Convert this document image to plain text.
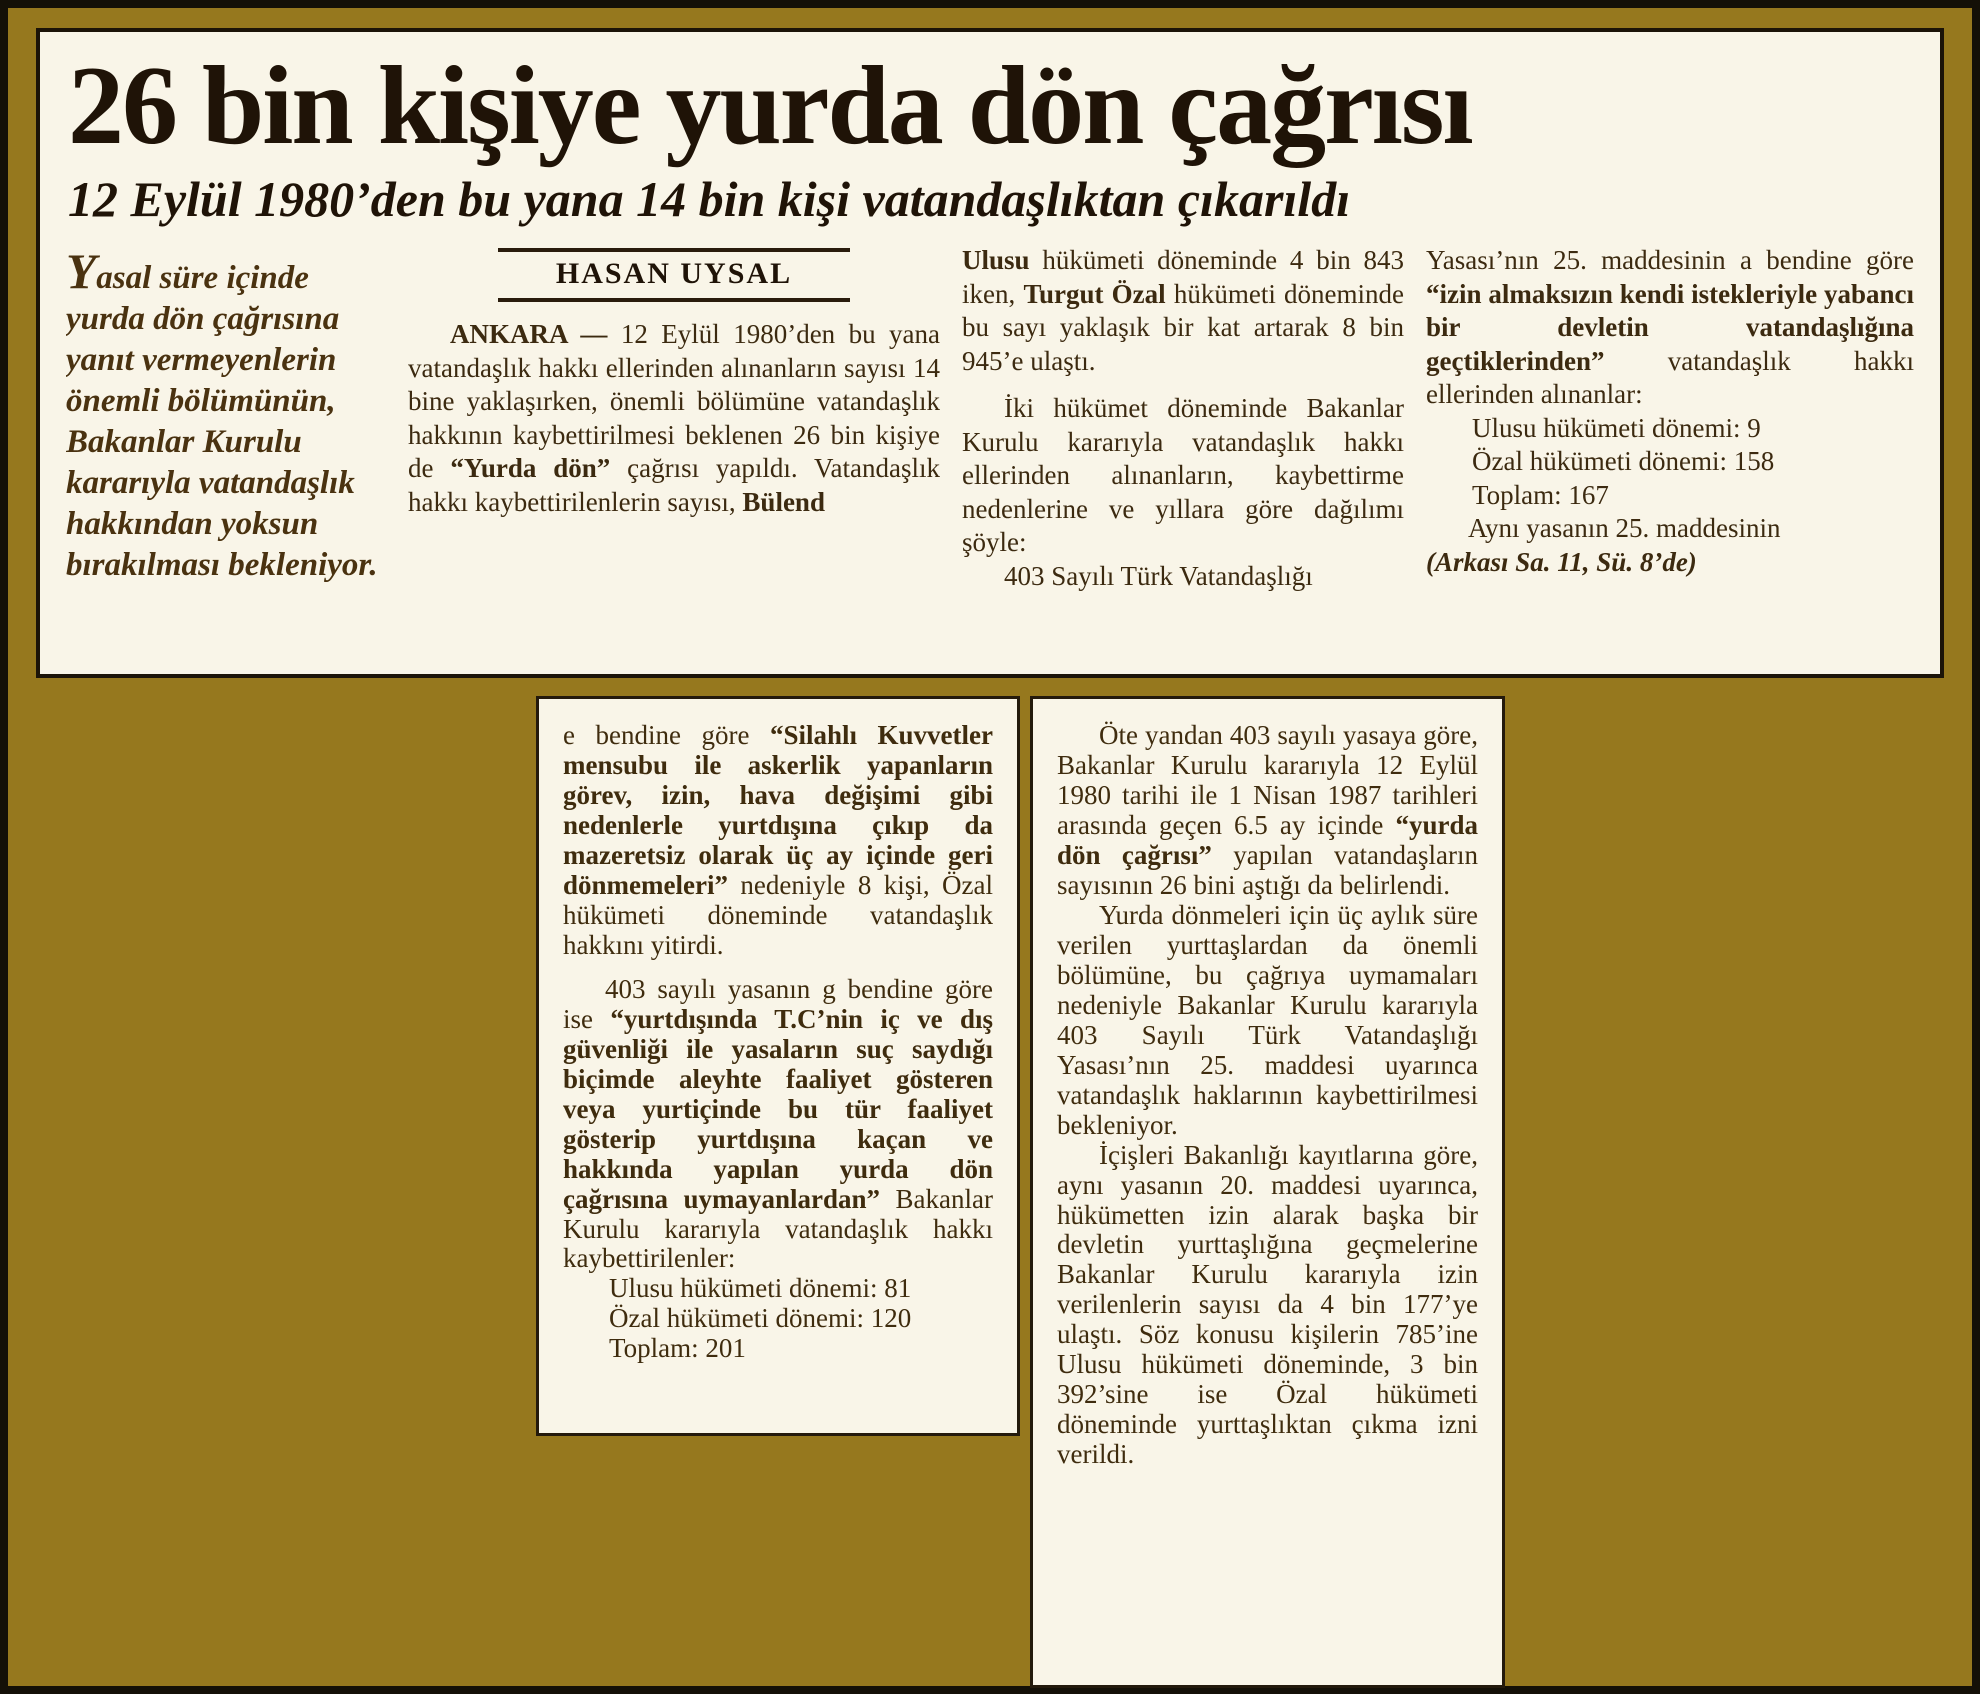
26 bin kişiye yurda dön çağrısı
12 Eylül 1980’den bu yana 14 bin kişi vatandaşlıktan çıkarıldı

Yasal süre içinde yurda dön çağrısına yanıt vermeyenlerin önemli bölümünün, Bakanlar Kurulu kararıyla vatandaşlık hakkından yoksun bırakılması bekleniyor.

HASAN UYSAL

ANKARA — 12 Eylül 1980’den bu yana vatandaşlık hakkı ellerinden alınanların sayısı 14 bine yaklaşırken, önemli bölümüne vatandaşlık hakkının kaybettirilmesi beklenen 26 bin kişiye de “Yurda dön” çağrısı yapıldı. Vatandaşlık hakkı kaybettirilenlerin sayısı, Bülend

Ulusu hükümeti döneminde 4 bin 843 iken, Turgut Özal hükümeti döneminde bu sayı yaklaşık bir kat artarak 8 bin 945’e ulaştı.

İki hükümet döneminde Bakanlar Kurulu kararıyla vatandaşlık hakkı ellerinden alınanların, kaybettirme nedenlerine ve yıllara göre dağılımı şöyle:

403 Sayılı Türk Vatandaşlığı

Yasası’nın 25. maddesinin a bendine göre “izin almaksızın kendi istekleriyle yabancı bir devletin vatandaşlığına geçtiklerinden” vatandaşlık hakkı ellerinden alınanlar:

Ulusu hükümeti dönemi: 9

Özal hükümeti dönemi: 158

Toplam: 167

Aynı yasanın 25. maddesinin

(Arkası Sa. 11, Sü. 8’de)

e bendine göre “Silahlı Kuvvetler mensubu ile askerlik yapanların görev, izin, hava değişimi gibi nedenlerle yurtdışına çıkıp da mazeretsiz olarak üç ay içinde geri dönmemeleri” nedeniyle 8 kişi, Özal hükümeti döneminde vatandaşlık hakkını yitirdi.

403 sayılı yasanın g bendine göre ise “yurtdışında T.C’nin iç ve dış güvenliği ile yasaların suç saydığı biçimde aleyhte faaliyet gösteren veya yurtiçinde bu tür faaliyet gösterip yurtdışına kaçan ve hakkında yapılan yurda dön çağrısına uymayanlardan” Bakanlar Kurulu kararıyla vatandaşlık hakkı kaybettirilenler:

Ulusu hükümeti dönemi: 81

Özal hükümeti dönemi: 120

Toplam: 201

Öte yandan 403 sayılı yasaya göre, Bakanlar Kurulu kararıyla 12 Eylül 1980 tarihi ile 1 Nisan 1987 tarihleri arasında geçen 6.5 ay içinde “yurda dön çağrısı” yapılan vatandaşların sayısının 26 bini aştığı da belirlendi.

Yurda dönmeleri için üç aylık süre verilen yurttaşlardan da önemli bölümüne, bu çağrıya uymamaları nedeniyle Bakanlar Kurulu kararıyla 403 Sayılı Türk Vatandaşlığı Yasası’nın 25. maddesi uyarınca vatandaşlık haklarının kaybettirilmesi bekleniyor.

İçişleri Bakanlığı kayıtlarına göre, aynı yasanın 20. maddesi uyarınca, hükümetten izin alarak başka bir devletin yurttaşlığına geçmelerine Bakanlar Kurulu kararıyla izin verilenlerin sayısı da 4 bin 177’ye ulaştı. Söz konusu kişilerin 785’ine Ulusu hükümeti döneminde, 3 bin 392’sine ise Özal hükümeti döneminde yurttaşlıktan çıkma izni verildi.
